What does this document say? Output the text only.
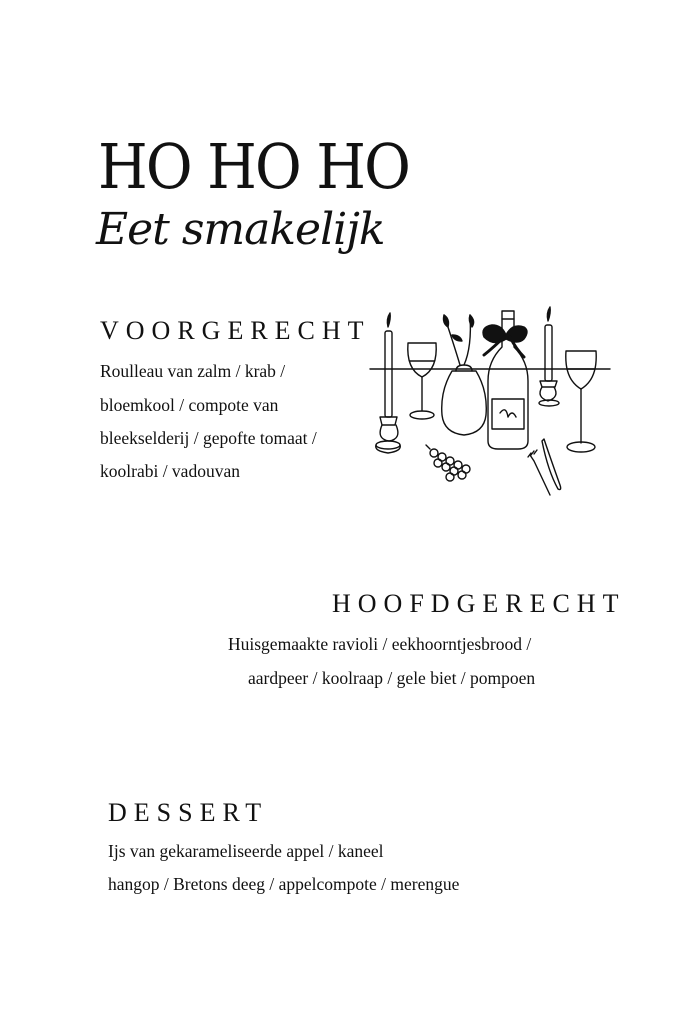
HO HO HO
Eet smakelijk
VOORGERECHT
Roulleau van zalm / krab /
bloemkool / compote van
bleekselderij / gepofte tomaat /
koolrabi / vadouvan
HOOFDGERECHT
Huisgemaakte ravioli / eekhoorntjesbrood /
aardpeer / koolraap / gele biet / pompoen
DESSERT
Ijs van gekarameliseerde appel / kaneel
hangop / Bretons deeg / appelcompote / merengue
